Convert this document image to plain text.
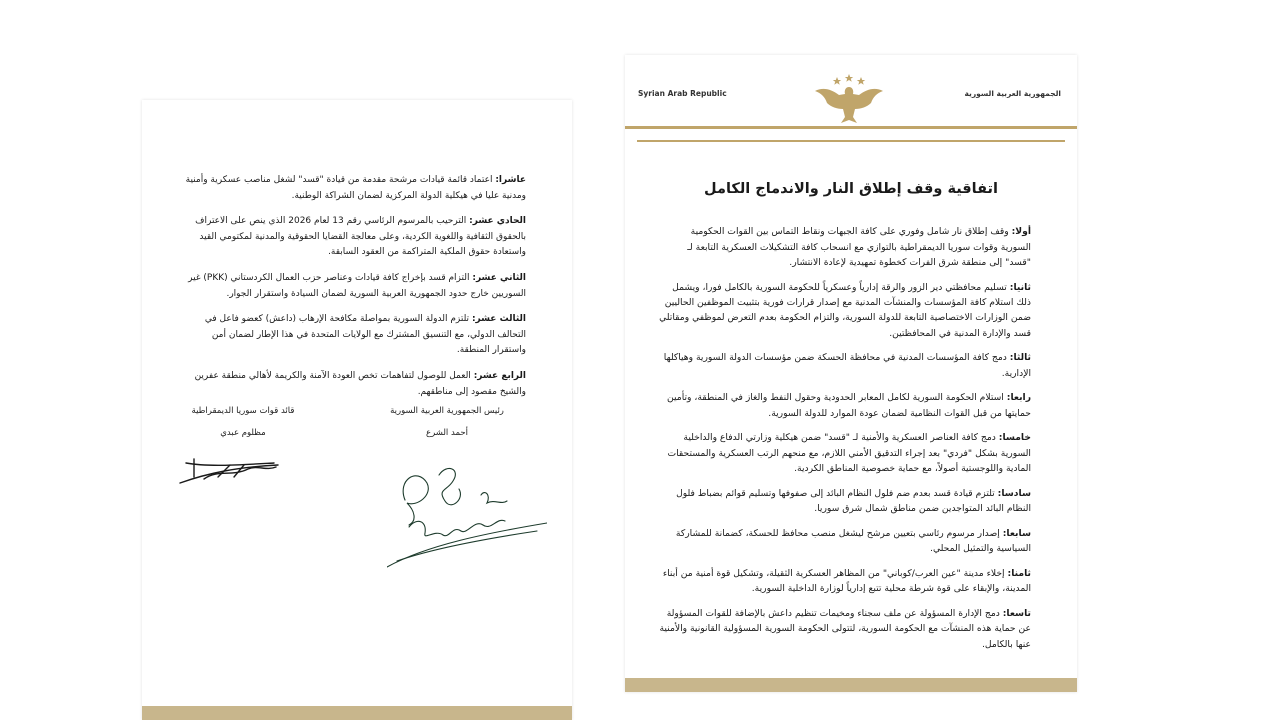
عاشرا: اعتماد قائمة قيادات مرشحة مقدمة من قيادة "قسد" لشغل مناصب عسكرية وأمنية ومدنية عليا في هيكلية الدولة المركزية لضمان الشراكة الوطنية.

الحادي عشر: الترحيب بالمرسوم الرئاسي رقم 13 لعام 2026 الذي ينص على الاعتراف بالحقوق الثقافية واللغوية الكردية، وعلى معالجة القضايا الحقوقية والمدنية لمكتومي القيد واستعادة حقوق الملكية المتراكمة من العقود السابقة.

الثاني عشر: التزام قسد بإخراج كافة قيادات وعناصر حزب العمال الكردستاني (PKK) غير السوريين خارج حدود الجمهورية العربية السورية لضمان السيادة واستقرار الجوار.

الثالث عشر: تلتزم الدولة السورية بمواصلة مكافحة الإرهاب (داعش) كعضو فاعل في التحالف الدولي، مع التنسيق المشترك مع الولايات المتحدة في هذا الإطار لضمان أمن واستقرار المنطقة.

الرابع عشر: العمل للوصول لتفاهمات تخص العودة الآمنة والكريمة لأهالي منطقة عفرين والشيخ مقصود إلى مناطقهم.

رئيس الجمهورية العربية السورية
أحمد الشرع
قائد قوات سوريا الديمقراطية
مظلوم عبدي
Syrian Arab Republic	الجمهورية العربية السورية
اتفاقية وقف إطلاق النار والاندماج الكامل

أولا: وقف إطلاق نار شامل وفوري على كافة الجبهات ونقاط التماس بين القوات الحكومية السورية وقوات سوريا الديمقراطية بالتوازي مع انسحاب كافة التشكيلات العسكرية التابعة لـ "قسد" إلى منطقة شرق الفرات كخطوة تمهيدية لإعادة الانتشار.

ثانيا: تسليم محافظتي دير الزور والرقة إدارياً وعسكرياً للحكومة السورية بالكامل فورا، ويشمل ذلك استلام كافة المؤسسات والمنشآت المدنية مع إصدار قرارات فورية بتثبيت الموظفين الحاليين ضمن الوزارات الاختصاصية التابعة للدولة السورية، والتزام الحكومة بعدم التعرض لموظفي ومقاتلي قسد والإدارة المدنية في المحافظتين.

ثالثا: دمج كافة المؤسسات المدنية في محافظة الحسكة ضمن مؤسسات الدولة السورية وهياكلها الإدارية.

رابعا: استلام الحكومة السورية لكامل المعابر الحدودية وحقول النفط والغاز في المنطقة، وتأمين حمايتها من قبل القوات النظامية لضمان عودة الموارد للدولة السورية.

خامسا: دمج كافة العناصر العسكرية والأمنية لـ "قسد" ضمن هيكلية وزارتي الدفاع والداخلية السورية بشكل "فردي" بعد إجراء التدقيق الأمني اللازم، مع منحهم الرتب العسكرية والمستحقات المادية واللوجستية أصولاً، مع حماية خصوصية المناطق الكردية.

سادسا: تلتزم قيادة قسد بعدم ضم فلول النظام البائد إلى صفوفها وتسليم قوائم بضباط فلول النظام البائد المتواجدين ضمن مناطق شمال شرق سوريا.

سابعا: إصدار مرسوم رئاسي بتعيين مرشح ليشغل منصب محافظ للحسكة، كضمانة للمشاركة السياسية والتمثيل المحلي.

ثامنا: إخلاء مدينة "عين العرب/كوباني" من المظاهر العسكرية الثقيلة، وتشكيل قوة أمنية من أبناء المدينة، والإبقاء على قوة شرطة محلية تتبع إدارياً لوزارة الداخلية السورية.

تاسعا: دمج الإدارة المسؤولة عن ملف سجناء ومخيمات تنظيم داعش بالإضافة للقوات المسؤولة عن حماية هذه المنشآت مع الحكومة السورية، لتتولى الحكومة السورية المسؤولية القانونية والأمنية عنها بالكامل.
